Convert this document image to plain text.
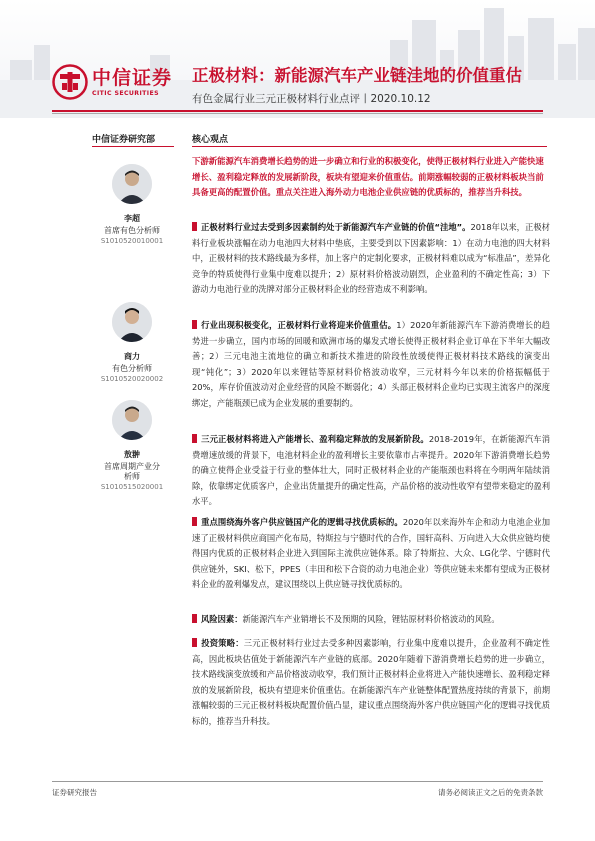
中信证券
CITIC SECURITIES
正极材料：新能源汽车产业链洼地的价值重估
有色金属行业三元正极材料行业点评丨2020.10.12
中信证券研究部
李超
首席有色分析师
S1010520010001
商力
有色分析师
S1010520020002
敖翀
首席周期产业分析师
S1010515020001
核心观点
下游新能源汽车消费增长趋势的进一步确立和行业的积极变化，使得正极材料行业进入产能快速增长、盈利稳定释放的发展新阶段，板块有望迎来价值重估。前期涨幅较弱的正极材料板块当前具备更高的配置价值。重点关注进入海外动力电池企业供应链的优质标的，推荐当升科技。
正极材料行业过去受到多因素制约处于新能源汽车产业链的价值“洼地”。2018年以来，正极材料行业板块涨幅在动力电池四大材料中垫底，主要受到以下因素影响：1）在动力电池的四大材料中，正极材料的技术路线最为多样，加上客户的定制化要求，正极材料难以成为“标准品”，差异化竞争的特质使得行业集中度难以提升；2）原材料价格波动剧烈，企业盈利的不确定性高；3）下游动力电池行业的洗牌对部分正极材料企业的经营造成不利影响。
行业出现积极变化，正极材料行业将迎来价值重估。1）2020年新能源汽车下游消费增长的趋势进一步确立，国内市场的回暖和欧洲市场的爆发式增长使得正极材料企业订单在下半年大幅改善；2）三元电池主流地位的确立和新技术推进的阶段性放缓使得正极材料技术路线的演变出现“钝化”；3）2020年以来锂钴等原材料价格波动收窄，三元材料今年以来的价格振幅低于20%，库存价值波动对企业经营的风险不断弱化；4）头部正极材料企业均已实现主流客户的深度绑定，产能瓶颈已成为企业发展的重要制约。
三元正极材料将进入产能增长、盈利稳定释放的发展新阶段。2018-2019年，在新能源汽车消费增速放缓的背景下，电池材料企业的盈利增长主要依靠市占率提升。2020年下游消费增长趋势的确立使得企业受益于行业的整体壮大，同时正极材料企业的产能瓶颈也料将在今明两年陆续消除，依靠绑定优质客户，企业出货量提升的确定性高，产品价格的波动性收窄有望带来稳定的盈利水平。
重点围绕海外客户供应链国产化的逻辑寻找优质标的。2020年以来海外车企和动力电池企业加速了正极材料供应商国产化布局，特斯拉与宁德时代的合作，国轩高科、万向进入大众供应链均使得国内优质的正极材料企业进入到国际主流供应链体系。除了特斯拉、大众、LG化学、宁德时代供应链外，SKI、松下，PPES（丰田和松下合资的动力电池企业）等供应链未来都有望成为正极材料企业的盈利爆发点，建议围绕以上供应链寻找优质标的。
风险因素：新能源汽车产业销增长不及预期的风险，锂钴原材料价格波动的风险。
投资策略：三元正极材料行业过去受多种因素影响，行业集中度难以提升，企业盈利不确定性高，因此板块估值处于新能源汽车产业链的底部。2020年随着下游消费增长趋势的进一步确立，技术路线演变放缓和产品价格波动收窄，我们预计正极材料企业将进入产能快速增长、盈利稳定释放的发展新阶段，板块有望迎来价值重估。在新能源汽车产业链整体配置热度持续的背景下，前期涨幅较弱的三元正极材料板块配置价值凸显，建议重点围绕海外客户供应链国产化的逻辑寻找优质标的，推荐当升科技。
证券研究报告	请务必阅读正文之后的免责条款
